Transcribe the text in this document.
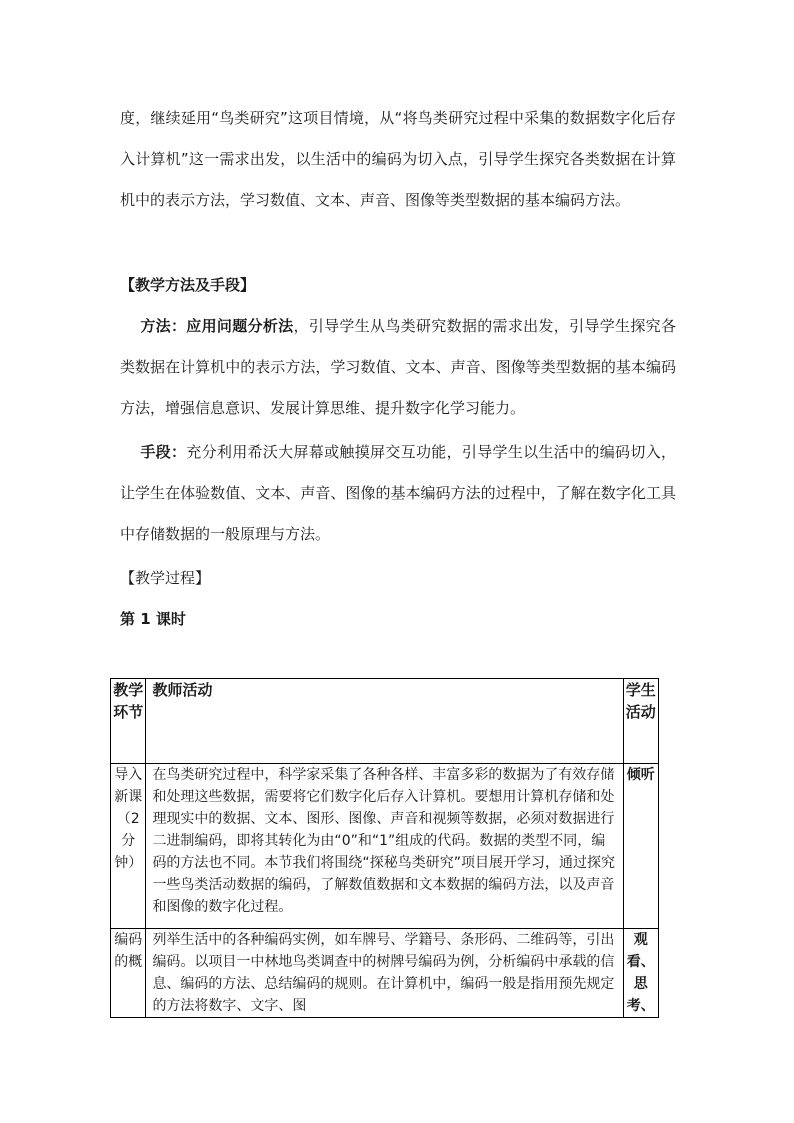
度，继续延用“鸟类研究”这项目情境，从“将鸟类研究过程中采集的数据数字化后存入计算机”这一需求出发，以生活中的编码为切入点，引导学生探究各类数据在计算机中的表示方法，学习数值、文本、声音、图像等类型数据的基本编码方法。

【教学方法及手段】

方法：应用问题分析法，引导学生从鸟类研究数据的需求出发，引导学生探究各类数据在计算机中的表示方法，学习数值、文本、声音、图像等类型数据的基本编码方法，增强信息意识、发展计算思维、提升数字化学习能力。

手段：充分利用希沃大屏幕或触摸屏交互功能，引导学生以生活中的编码切入，让学生在体验数值、文本、声音、图像的基本编码方法的过程中，了解在数字化工具中存储数据的一般原理与方法。

【教学过程】

第 1 课时

教学环节	教师活动	学生活动
导入新课（2分钟）	在鸟类研究过程中，科学家采集了各种各样、丰富多彩的数据为了有效存储和处理这些数据，需要将它们数字化后存入计算机。要想用计算机存储和处理现实中的数据、文本、图形、图像、声音和视频等数据，必须对数据进行二进制编码，即将其转化为由“0”和“1”组成的代码。数据的类型不同，编码的方法也不同。本节我们将围绕“探秘鸟类研究”项目展开学习，通过探究一些鸟类活动数据的编码，了解数值数据和文本数据的编码方法，以及声音和图像的数字化过程。	倾听
编码的概	列举生活中的各种编码实例，如车牌号、学籍号、条形码、二维码等，引出编码。以项目一中林地鸟类调查中的树牌号编码为例，分析编码中承载的信息、编码的方法、总结编码的规则。在计算机中，编码一般是指用预先规定的方法将数字、文字、图	观看、思考、
